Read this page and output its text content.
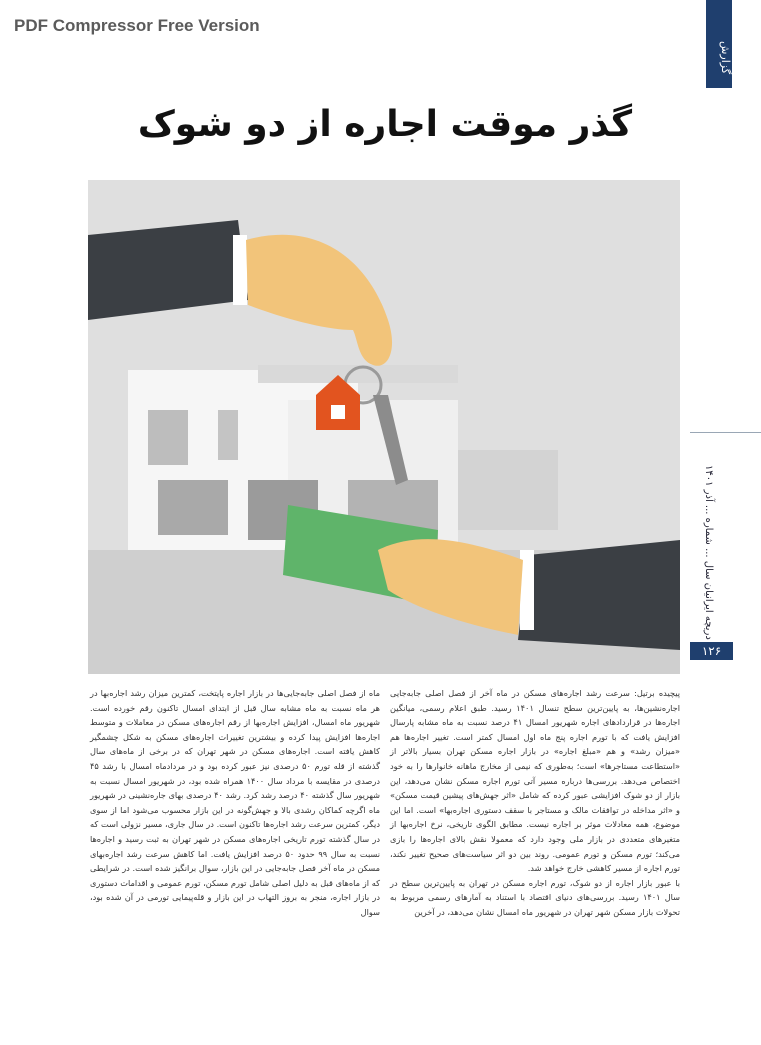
PDF Compressor Free Version
گزارش
گذر موقت اجاره از دو شوک
دریچه ایرانیان سال ... شماره ... آذر ۱۴۰۱
۱۲۶

پیچیده برتیل: سرعت رشد اجاره‌های مسکن در ماه آخر از فصل اصلی جابه‌جایی اجاره‌نشین‌ها، به پایین‌ترین سطح تنسال ۱۴۰۱ رسید. طبق اعلام رسمی، میانگین اجاره‌ها در قراردادهای اجاره شهریور امسال ۴۱ درصد نسبت به ماه مشابه پارسال افزایش یافت که با تورم اجاره پنج ماه اول امسال کمتر است. تغییر اجاره‌ها هم «میزان رشد» و هم «مبلغ اجاره» در بازار اجاره مسکن تهران بسیار بالاتر از «استطاعت مستاجرها» است؛ به‌طوری که نیمی از مخارج ماهانه خانوارها را به خود اختصاص می‌دهد. بررسی‌ها درباره مسیر آتی تورم اجاره مسکن نشان می‌دهد، این بازار از دو شوک افزایشی عبور کرده که شامل «اثر جهش‌های پیشین قیمت مسکن» و «اثر مداخله در توافقات مالک و مستاجر با سقف دستوری اجاره‌بها» است. اما این موضوع، همه معادلات موثر بر اجاره نیست. مطابق الگوی تاریخی، نرخ اجاره‌بها از متغیرهای متعددی در بازار ملی وجود دارد که معمولا نقش بالای اجاره‌ها را بازی می‌کند؛ تورم مسکن و تورم عمومی. روند بین دو اثر سیاست‌های صحیح تغییر نکند، تورم اجاره از مسیر کاهشی خارج خواهد شد.

با عبور بازار اجاره از دو شوک، تورم اجاره مسکن در تهران به پایین‌ترین سطح در سال ۱۴۰۱ رسید. بررسی‌های دنیای اقتصاد با استناد به آمارهای رسمی مربوط به تحولات بازار مسکن شهر تهران در شهریور ماه امسال نشان می‌دهد، در آخرین

ماه از فصل اصلی جابه‌جایی‌ها در بازار اجاره پایتخت، کمترین میزان رشد اجاره‌بها در هر ماه نسبت به ماه مشابه سال قبل از ابتدای امسال تاکنون رقم خورده است. شهریور ماه امسال، افزایش اجاره‌بها از رقم اجاره‌های مسکن در معاملات و متوسط اجاره‌ها افزایش پیدا کرده و بیشترین تغییرات اجاره‌های مسکن به شکل چشمگیر کاهش یافته است. اجاره‌های مسکن در شهر تهران که در برخی از ماه‌های سال گذشته از قله تورم ۵۰ درصدی نیز عبور کرده بود و در مردادماه امسال با رشد ۴۵ درصدی در مقایسه با مرداد سال ۱۴۰۰ همراه شده بود، در شهریور امسال نسبت به شهریور سال گذشته ۴۰ درصد رشد کرد. رشد ۴۰ درصدی بهای جاره‌نشینی در شهریور ماه اگرچه کماکان رشدی بالا و جهش‌گونه در این بازار محسوب می‌شود اما از سوی دیگر، کمترین سرعت رشد اجاره‌ها تاکنون است. در سال جاری، مسیر نزولی است که در سال گذشته تورم تاریخی اجاره‌های مسکن در شهر تهران به ثبت رسید و اجاره‌ها نسبت به سال ۹۹ حدود ۵۰ درصد افزایش یافت. اما کاهش سرعت رشد اجاره‌بهای مسکن در ماه آخر فصل جابه‌جایی در این بازار، سوال برانگیز شده است. در شرایطی که از ماه‌های قبل به دلیل اصلی شامل تورم مسکن، تورم عمومی و اقدامات دستوری در بازار اجاره، منجر به بروز التهاب در این بازار و قله‌پیمایی تورمی در آن شده بود، سوال
